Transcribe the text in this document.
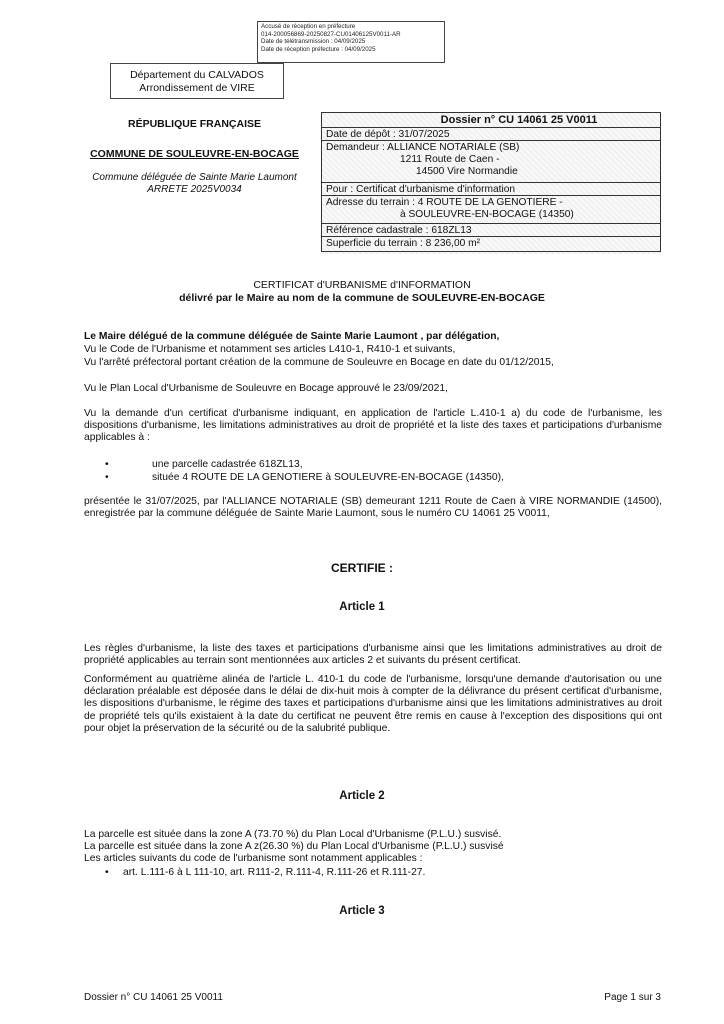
Accusé de réception en préfecture
014-200056869-20250827-CU01406125V0011-AR
Date de télétransmission : 04/09/2025
Date de réception préfecture : 04/09/2025
Département du CALVADOS
Arrondissement de VIRE
RÉPUBLIQUE FRANÇAISE
COMMUNE DE SOULEUVRE-EN-BOCAGE
Commune déléguée de Sainte Marie Laumont
ARRETE 2025V0034
Dossier n° CU 14061 25 V0011
Date de dépôt : 31/07/2025
Demandeur : ALLIANCE NOTARIALE (SB)
1211 Route de Caen -
14500 Vire Normandie
Pour : Certificat d'urbanisme d'information
Adresse du terrain : 4 ROUTE DE LA GENOTIERE -
à SOULEUVRE-EN-BOCAGE (14350)
Référence cadastrale : 618ZL13
Superficie du terrain : 8 236,00 m²
CERTIFICAT d'URBANISME d'INFORMATION
délivré par le Maire au nom de la commune de SOULEUVRE-EN-BOCAGE
Le Maire délégué de la commune déléguée de Sainte Marie Laumont , par délégation,
Vu le Code de l'Urbanisme et notamment ses articles L410-1, R410-1 et suivants,
Vu l'arrêté préfectoral portant création de la commune de Souleuvre en Bocage en date du 01/12/2015,
Vu le Plan Local d'Urbanisme de Souleuvre en Bocage approuvé le 23/09/2021,
Vu la demande d'un certificat d'urbanisme indiquant, en application de l'article L.410-1 a) du code de l'urbanisme, les dispositions d'urbanisme, les limitations administratives au droit de propriété et la liste des taxes et participations d'urbanisme applicables à :
•	une parcelle cadastrée 618ZL13,
•	située 4 ROUTE DE LA GENOTIERE à SOULEUVRE-EN-BOCAGE (14350),
présentée le 31/07/2025, par l'ALLIANCE NOTARIALE (SB) demeurant 1211 Route de Caen à VIRE NORMANDIE (14500), enregistrée par la commune déléguée de Sainte Marie Laumont, sous le numéro CU 14061 25 V0011,
CERTIFIE :
Article 1
Les règles d'urbanisme, la liste des taxes et participations d'urbanisme ainsi que les limitations administratives au droit de propriété applicables au terrain sont mentionnées aux articles 2 et suivants du présent certificat.
Conformément au quatrième alinéa de l'article L. 410-1 du code de l'urbanisme, lorsqu'une demande d'autorisation ou une déclaration préalable est déposée dans le délai de dix-huit mois à compter de la délivrance du présent certificat d'urbanisme, les dispositions d'urbanisme, le régime des taxes et participations d'urbanisme ainsi que les limitations administratives au droit de propriété tels qu'ils existaient à la date du certificat ne peuvent être remis en cause à l'exception des dispositions qui ont pour objet la préservation de la sécurité ou de la salubrité publique.
Article 2
La parcelle est située dans la zone A (73.70 %) du Plan Local d'Urbanisme (P.L.U.) susvisé.
La parcelle est située dans la zone A z(26.30 %) du Plan Local d'Urbanisme (P.L.U.) susvisé
Les articles suivants du code de l'urbanisme sont notamment applicables :
• art. L.111-6 à L 111-10, art. R111-2, R.111-4, R.111-26 et R.111-27.
Article 3
Dossier n° CU 14061 25 V0011	Page 1 sur 3
